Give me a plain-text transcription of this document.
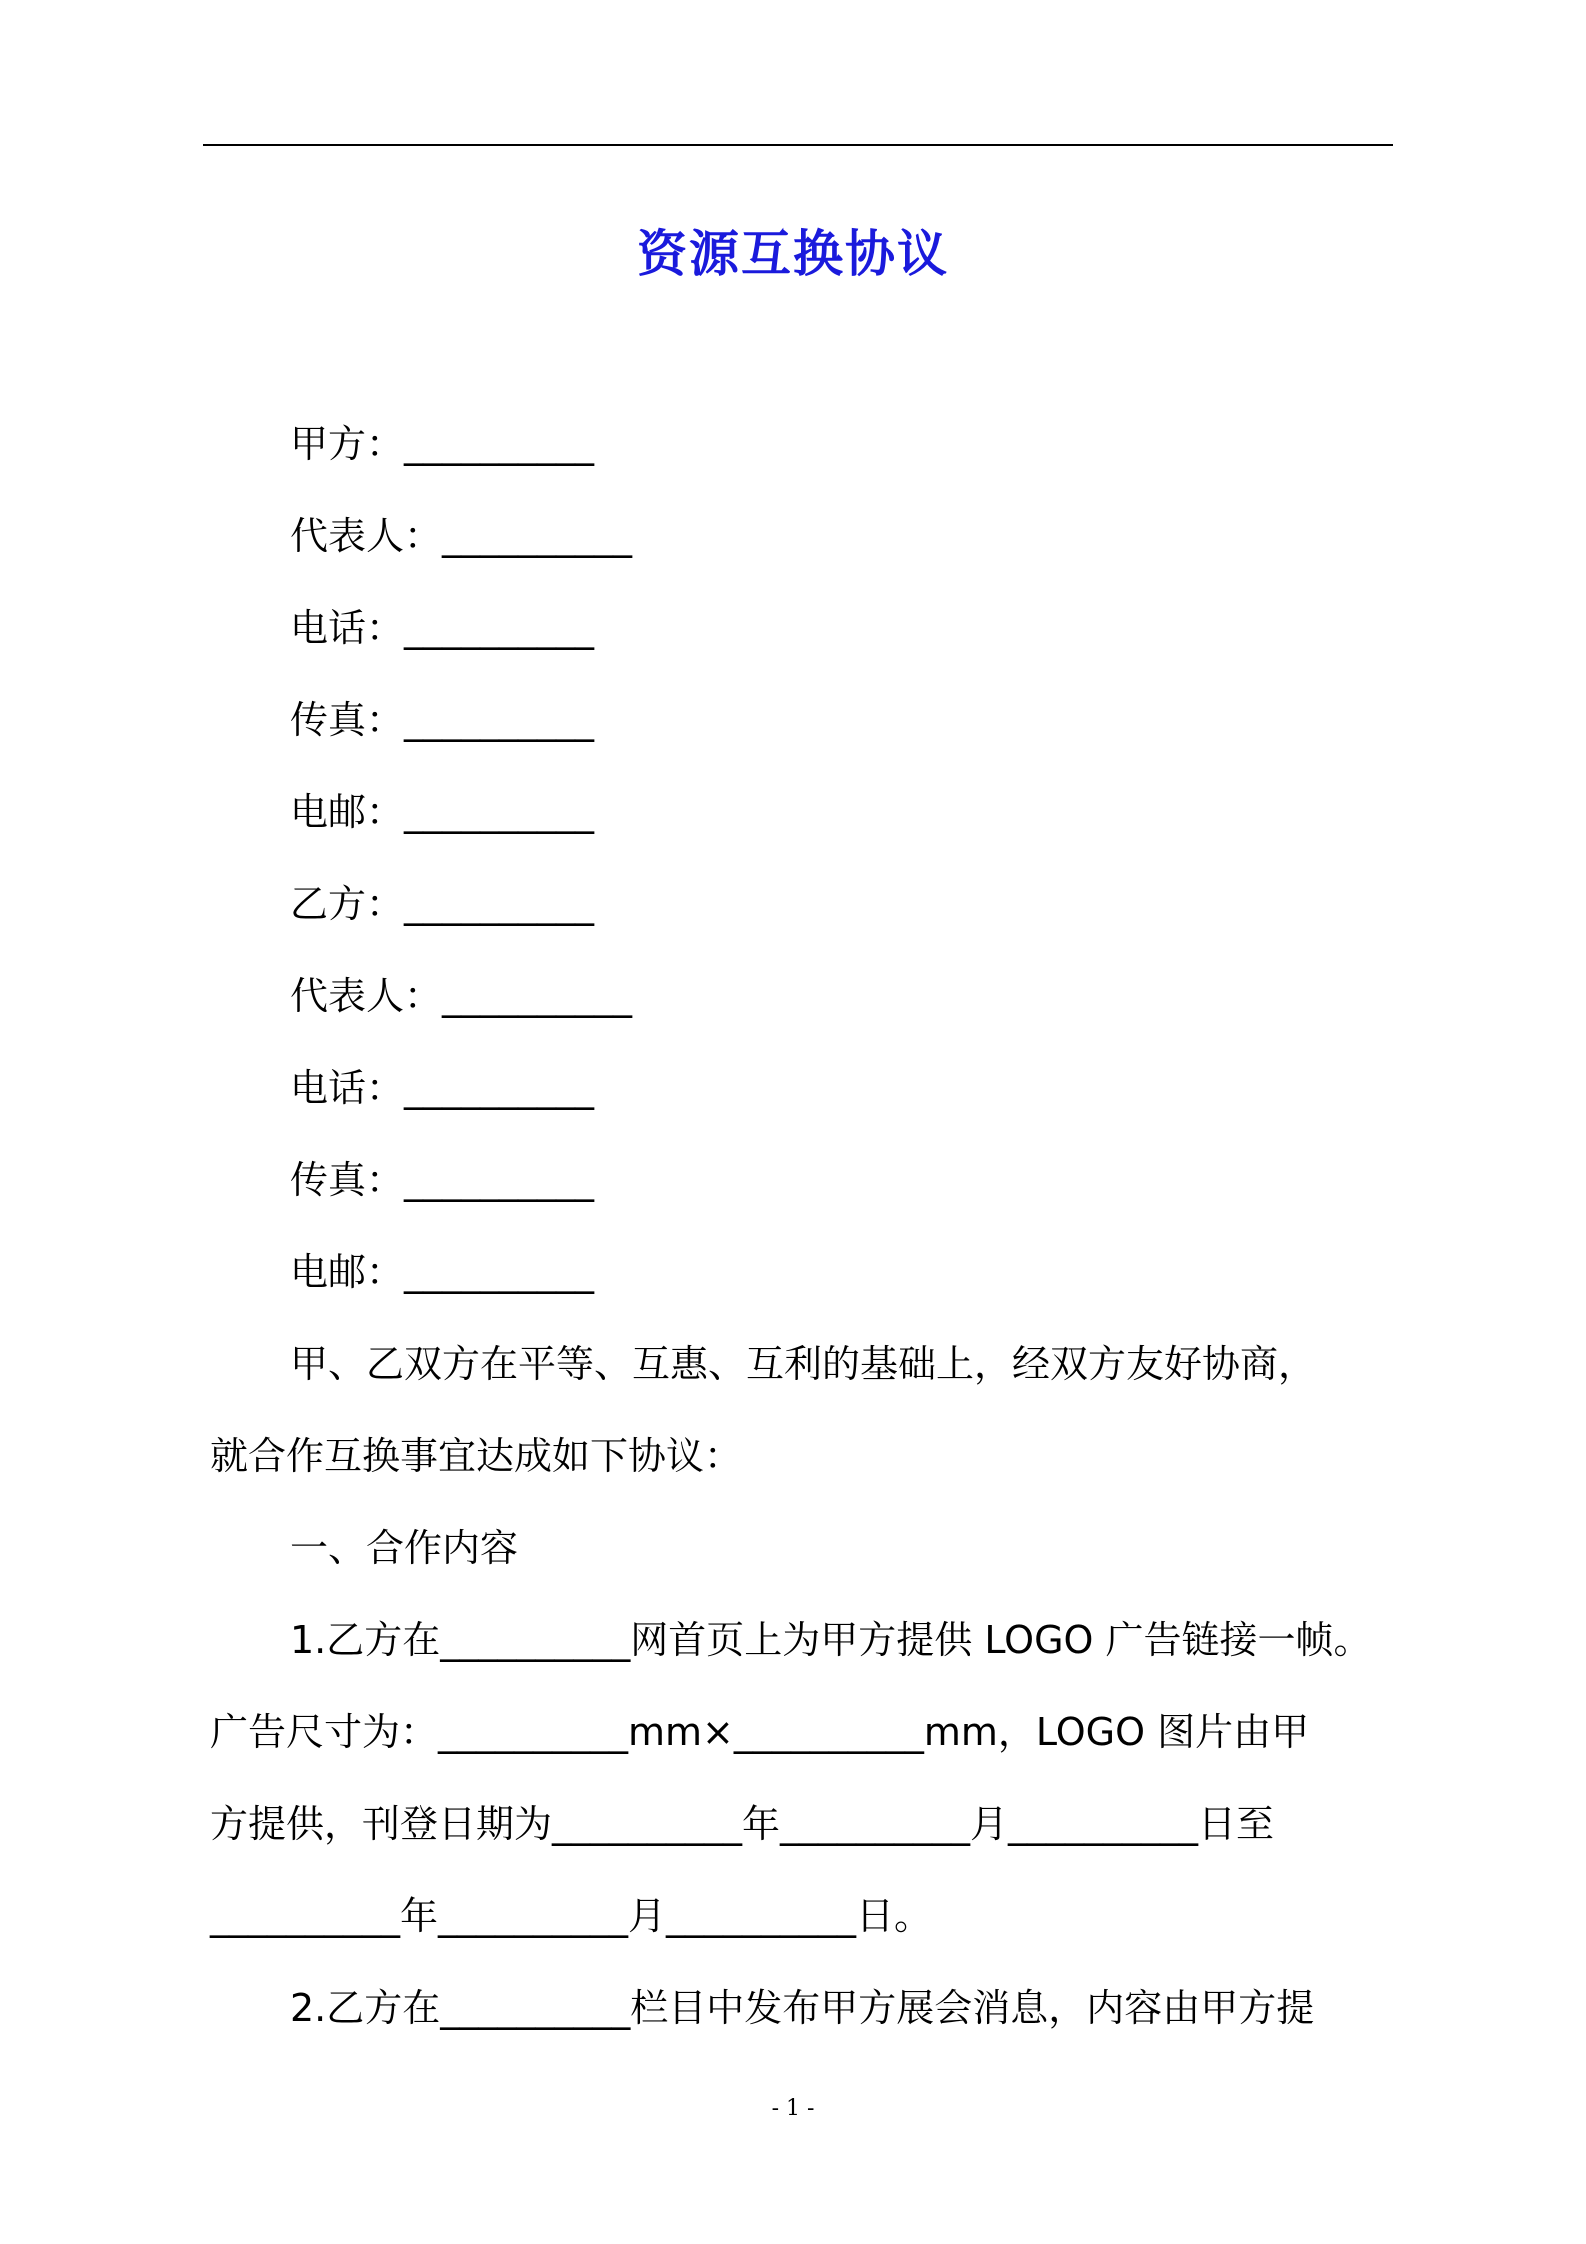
资源互换协议

甲方：__________

代表人：__________

电话：__________

传真：__________

电邮：__________

乙方：__________

代表人：__________

电话：__________

传真：__________

电邮：__________

甲、乙双方在平等、互惠、互利的基础上，经双方友好协商，

就合作互换事宜达成如下协议：

一、合作内容

1.乙方在__________网首页上为甲方提供 LOGO 广告链接一帧。

广告尺寸为：__________mm×__________mm，LOGO 图片由甲

方提供，刊登日期为__________年__________月__________日至

__________年__________月__________日。

2.乙方在__________栏目中发布甲方展会消息，内容由甲方提

- 1 -
